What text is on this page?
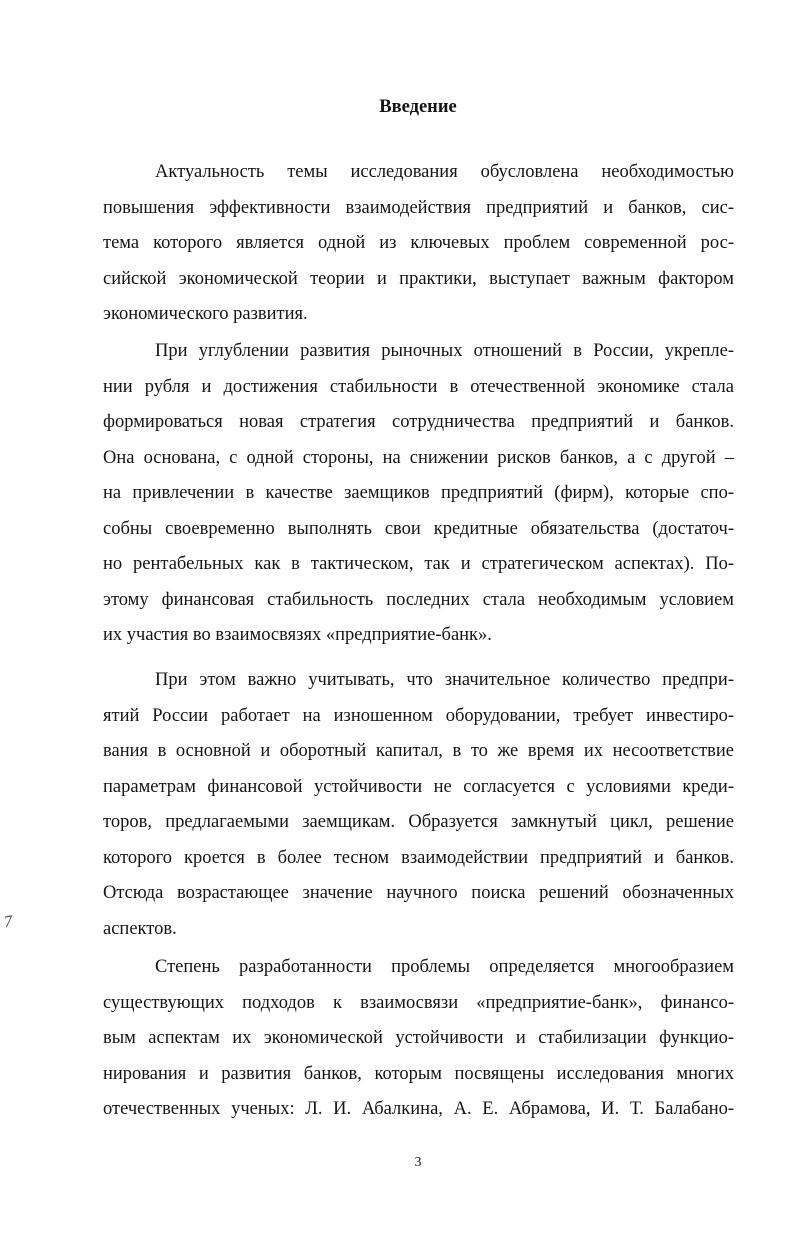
Введение
7
Актуальность темы исследования обусловлена необходимостью
повышения эффективности взаимодействия предприятий и банков, сис-
тема которого является одной из ключевых проблем современной рос-
сийской экономической теории и практики, выступает важным фактором
экономического развития.
При углублении развития рыночных отношений в России, укрепле-
нии рубля и достижения стабильности в отечественной экономике стала
формироваться новая стратегия сотрудничества предприятий и банков.
Она основана, с одной стороны, на снижении рисков банков, а с другой –
на привлечении в качестве заемщиков предприятий (фирм), которые спо-
собны своевременно выполнять свои кредитные обязательства (достаточ-
но рентабельных как в тактическом, так и стратегическом аспектах). По-
этому финансовая стабильность последних стала необходимым условием
их участия во взаимосвязях «предприятие-банк».
При этом важно учитывать, что значительное количество предпри-
ятий России работает на изношенном оборудовании, требует инвестиро-
вания в основной и оборотный капитал, в то же время их несоответствие
параметрам финансовой устойчивости не согласуется с условиями креди-
торов, предлагаемыми заемщикам. Образуется замкнутый цикл, решение
которого кроется в более тесном взаимодействии предприятий и банков.
Отсюда возрастающее значение научного поиска решений обозначенных
аспектов.
Степень разработанности проблемы определяется многообразием
существующих подходов к взаимосвязи «предприятие-банк», финансо-
вым аспектам их экономической устойчивости и стабилизации функцио-
нирования и развития банков, которым посвящены исследования многих
отечественных ученых: Л. И. Абалкина, А. Е. Абрамова, И. Т. Балабано-
3
